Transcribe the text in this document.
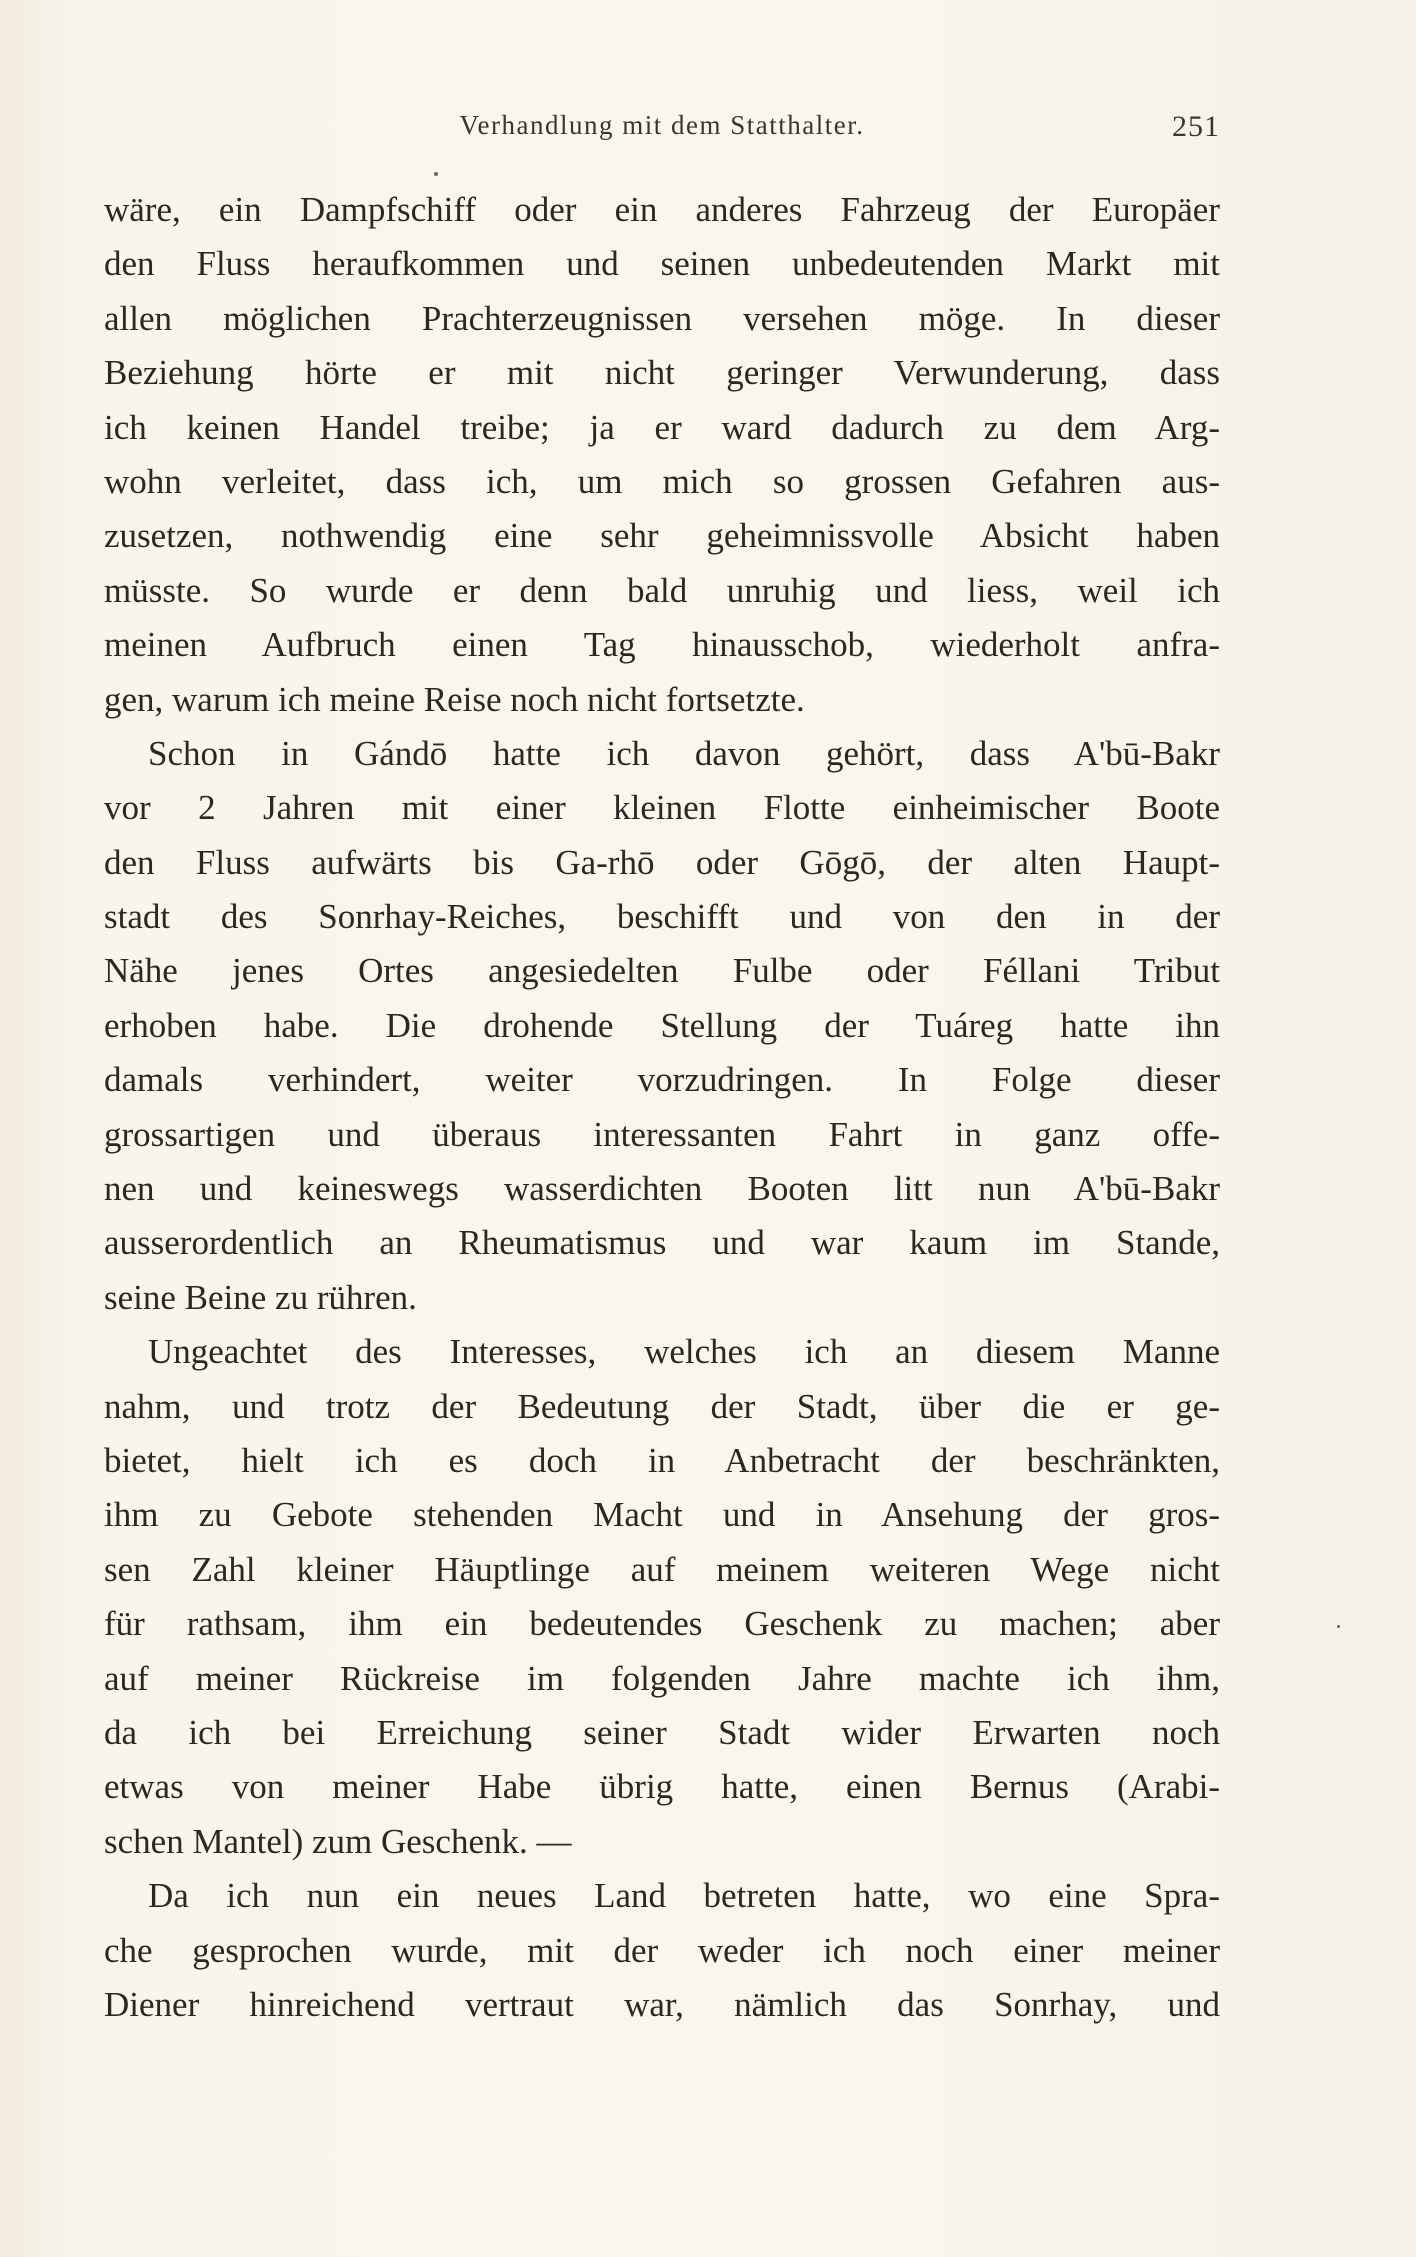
Verhandlung mit dem Statthalter.	251
wäre, ein Dampfschiff oder ein anderes Fahrzeug der Europäer
den Fluss heraufkommen und seinen unbedeutenden Markt mit
allen möglichen Prachterzeugnissen versehen möge. In dieser
Beziehung hörte er mit nicht geringer Verwunderung, dass
ich keinen Handel treibe; ja er ward dadurch zu dem Arg-
wohn verleitet, dass ich, um mich so grossen Gefahren aus-
zusetzen, nothwendig eine sehr geheimnissvolle Absicht haben
müsste. So wurde er denn bald unruhig und liess, weil ich
meinen Aufbruch einen Tag hinausschob, wiederholt anfra-
gen, warum ich meine Reise noch nicht fortsetzte.
Schon in Gándō hatte ich davon gehört, dass A'bū-Bakr
vor 2 Jahren mit einer kleinen Flotte einheimischer Boote
den Fluss aufwärts bis Ga-rhō oder Gōgō, der alten Haupt-
stadt des Sonrhay-Reiches, beschifft und von den in der
Nähe jenes Ortes angesiedelten Fulbe oder Féllani Tribut
erhoben habe. Die drohende Stellung der Tuáreg hatte ihn
damals verhindert, weiter vorzudringen. In Folge dieser
grossartigen und überaus interessanten Fahrt in ganz offe-
nen und keineswegs wasserdichten Booten litt nun A'bū-Bakr
ausserordentlich an Rheumatismus und war kaum im Stande,
seine Beine zu rühren.
Ungeachtet des Interesses, welches ich an diesem Manne
nahm, und trotz der Bedeutung der Stadt, über die er ge-
bietet, hielt ich es doch in Anbetracht der beschränkten,
ihm zu Gebote stehenden Macht und in Ansehung der gros-
sen Zahl kleiner Häuptlinge auf meinem weiteren Wege nicht
für rathsam, ihm ein bedeutendes Geschenk zu machen; aber
auf meiner Rückreise im folgenden Jahre machte ich ihm,
da ich bei Erreichung seiner Stadt wider Erwarten noch
etwas von meiner Habe übrig hatte, einen Bernus (Arabi-
schen Mantel) zum Geschenk. —
Da ich nun ein neues Land betreten hatte, wo eine Spra-
che gesprochen wurde, mit der weder ich noch einer meiner
Diener hinreichend vertraut war, nämlich das Sonrhay, und
